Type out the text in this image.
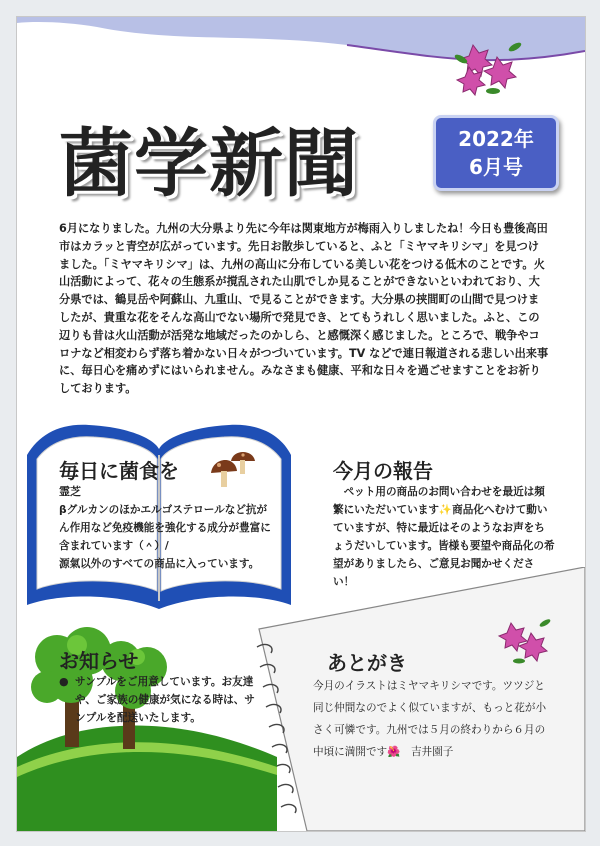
菌学新聞	2022年
6月号

6月になりました。九州の大分県より先に今年は関東地方が梅雨入りしましたね！今日も豊後高田市はカラッと青空が広がっています。先日お散歩していると、ふと「ミヤマキリシマ」を見つけました。「ミヤマキリシマ」は、九州の高山に分布している美しい花をつける低木のことです。火山活動によって、花々の生態系が撹乱された山肌でしか見ることができないといわれており、大分県では、鶴見岳や阿蘇山、九重山、で見ることができます。大分県の挟間町の山間で見つけましたが、貴重な花をそんな高山でない場所で発見でき、とてもうれしく思いました。ふと、この辺りも昔は火山活動が活発な地域だったのかしら、と感慨深く感じました。ところで、戦争やコロナなど相変わらず落ち着かない日々がつづいています。TV などで連日報道される悲しい出来事に、毎日心を痛めずにはいられません。みなさまも健康、平和な日々を過ごせますことをお祈りしております。

毎日に菌食を

霊芝

βグルカンのほかエルゴステロールなど抗がん作用など免疫機能を強化する成分が豊富に含まれています（＾）/
源氣以外のすべての商品に入っています。

今月の報告

　ペット用の商品のお問い合わせを最近は頻繁にいただいています✨商品化へむけて動いていますが、特に最近はそのようなお声をちょうだいしています。皆様も要望や商品化の希望がありましたら、ご意見お聞かせください！

あとがき

今月のイラストはミヤマキリシマです。ツツジと同じ仲間なのでよく似ていますが、もっと花が小さく可憐です。九州では５月の終わりから６月の中頃に満開です🌺　吉井園子

お知らせ
● サンプルをご用意しています。お友達や、ご家族の健康が気になる時は、サンプルを配送いたします。
